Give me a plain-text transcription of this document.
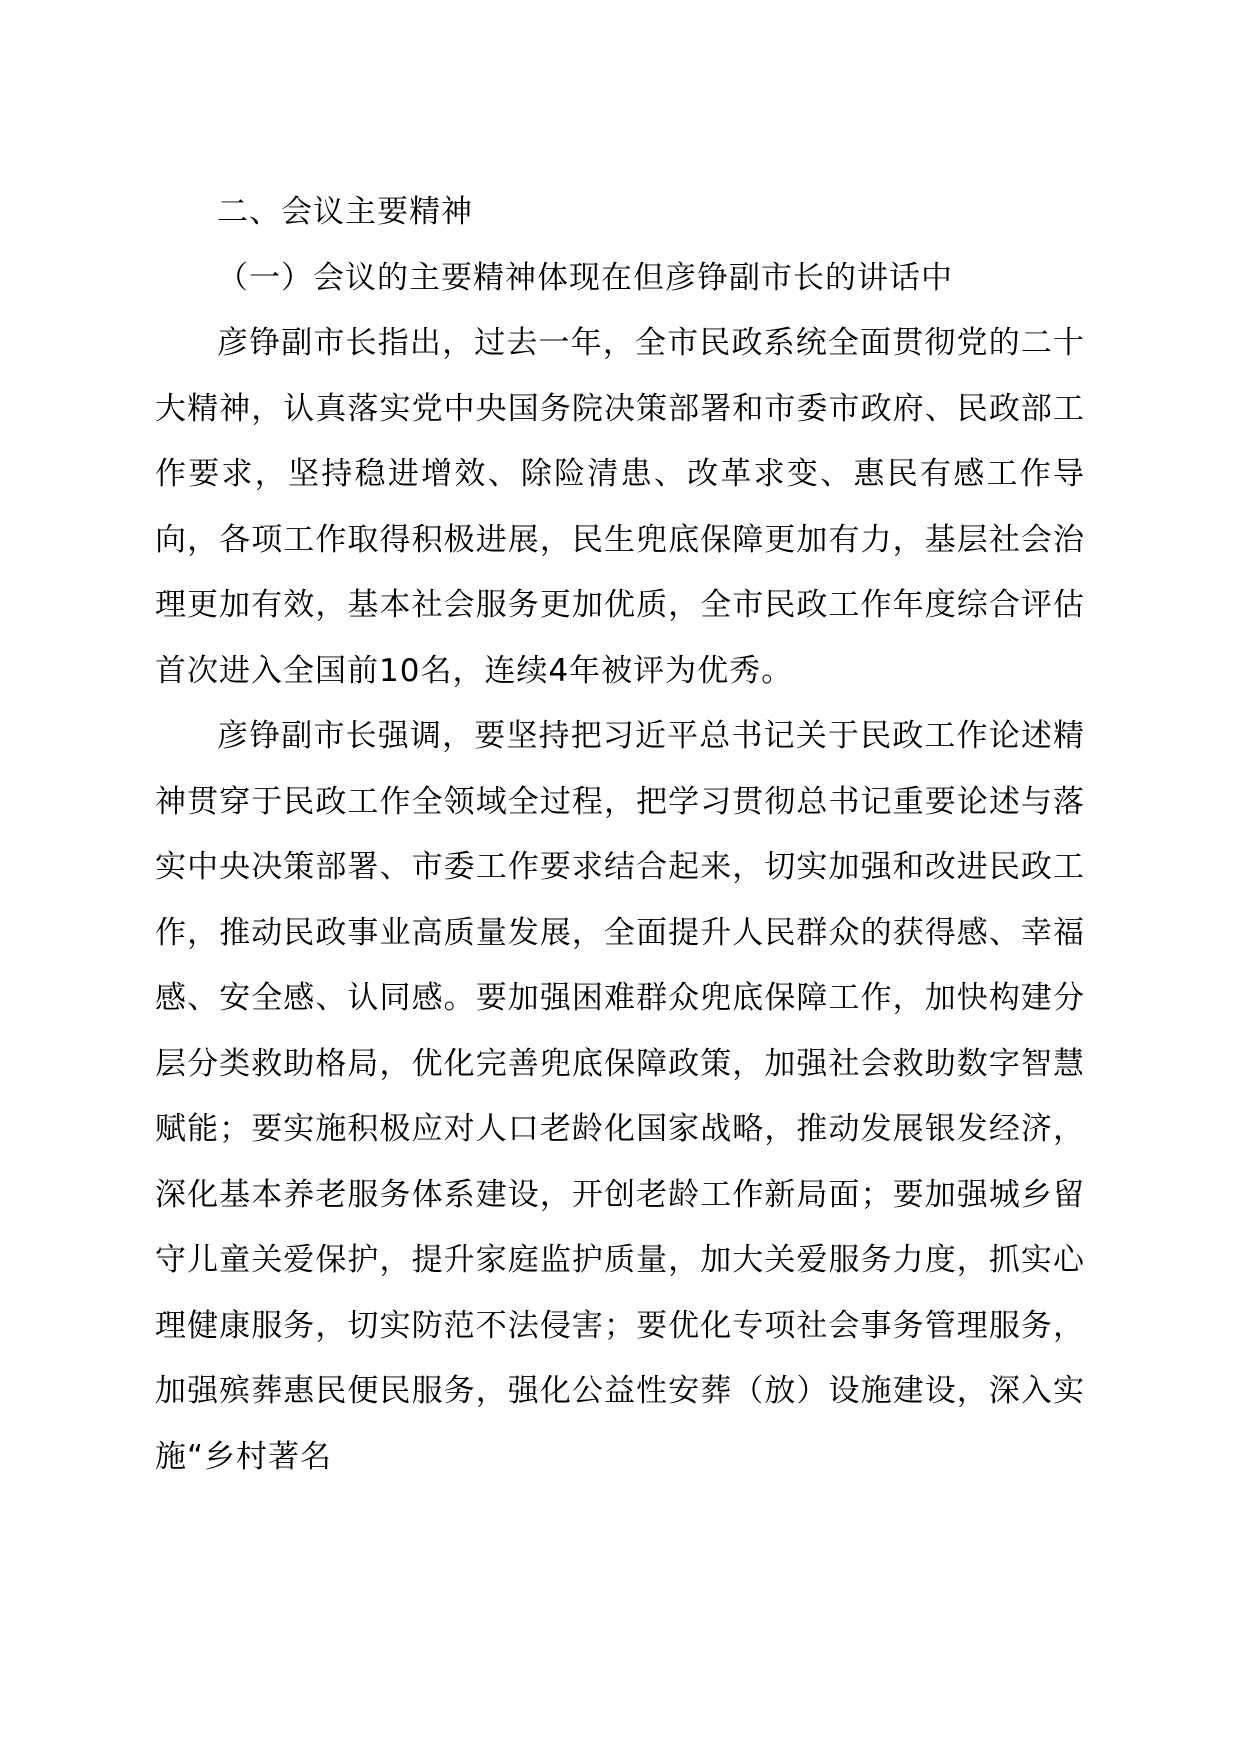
二、会议主要精神

（一）会议的主要精神体现在但彦铮副市长的讲话中

彦铮副市长指出，过去一年，全市民政系统全面贯彻党的二十大精神，认真落实党中央国务院决策部署和市委市政府、民政部工作要求，坚持稳进增效、除险清患、改革求变、惠民有感工作导向，各项工作取得积极进展，民生兜底保障更加有力，基层社会治理更加有效，基本社会服务更加优质，全市民政工作年度综合评估首次进入全国前10名，连续4年被评为优秀。

彦铮副市长强调，要坚持把习近平总书记关于民政工作论述精神贯穿于民政工作全领域全过程，把学习贯彻总书记重要论述与落实中央决策部署、市委工作要求结合起来，切实加强和改进民政工作，推动民政事业高质量发展，全面提升人民群众的获得感、幸福感、安全感、认同感。要加强困难群众兜底保障工作，加快构建分层分类救助格局，优化完善兜底保障政策，加强社会救助数字智慧赋能；要实施积极应对人口老龄化国家战略，推动发展银发经济，深化基本养老服务体系建设，开创老龄工作新局面；要加强城乡留守儿童关爱保护，提升家庭监护质量，加大关爱服务力度，抓实心理健康服务，切实防范不法侵害；要优化专项社会事务管理服务，加强殡葬惠民便民服务，强化公益性安葬（放）设施建设，深入实施“乡村著名
